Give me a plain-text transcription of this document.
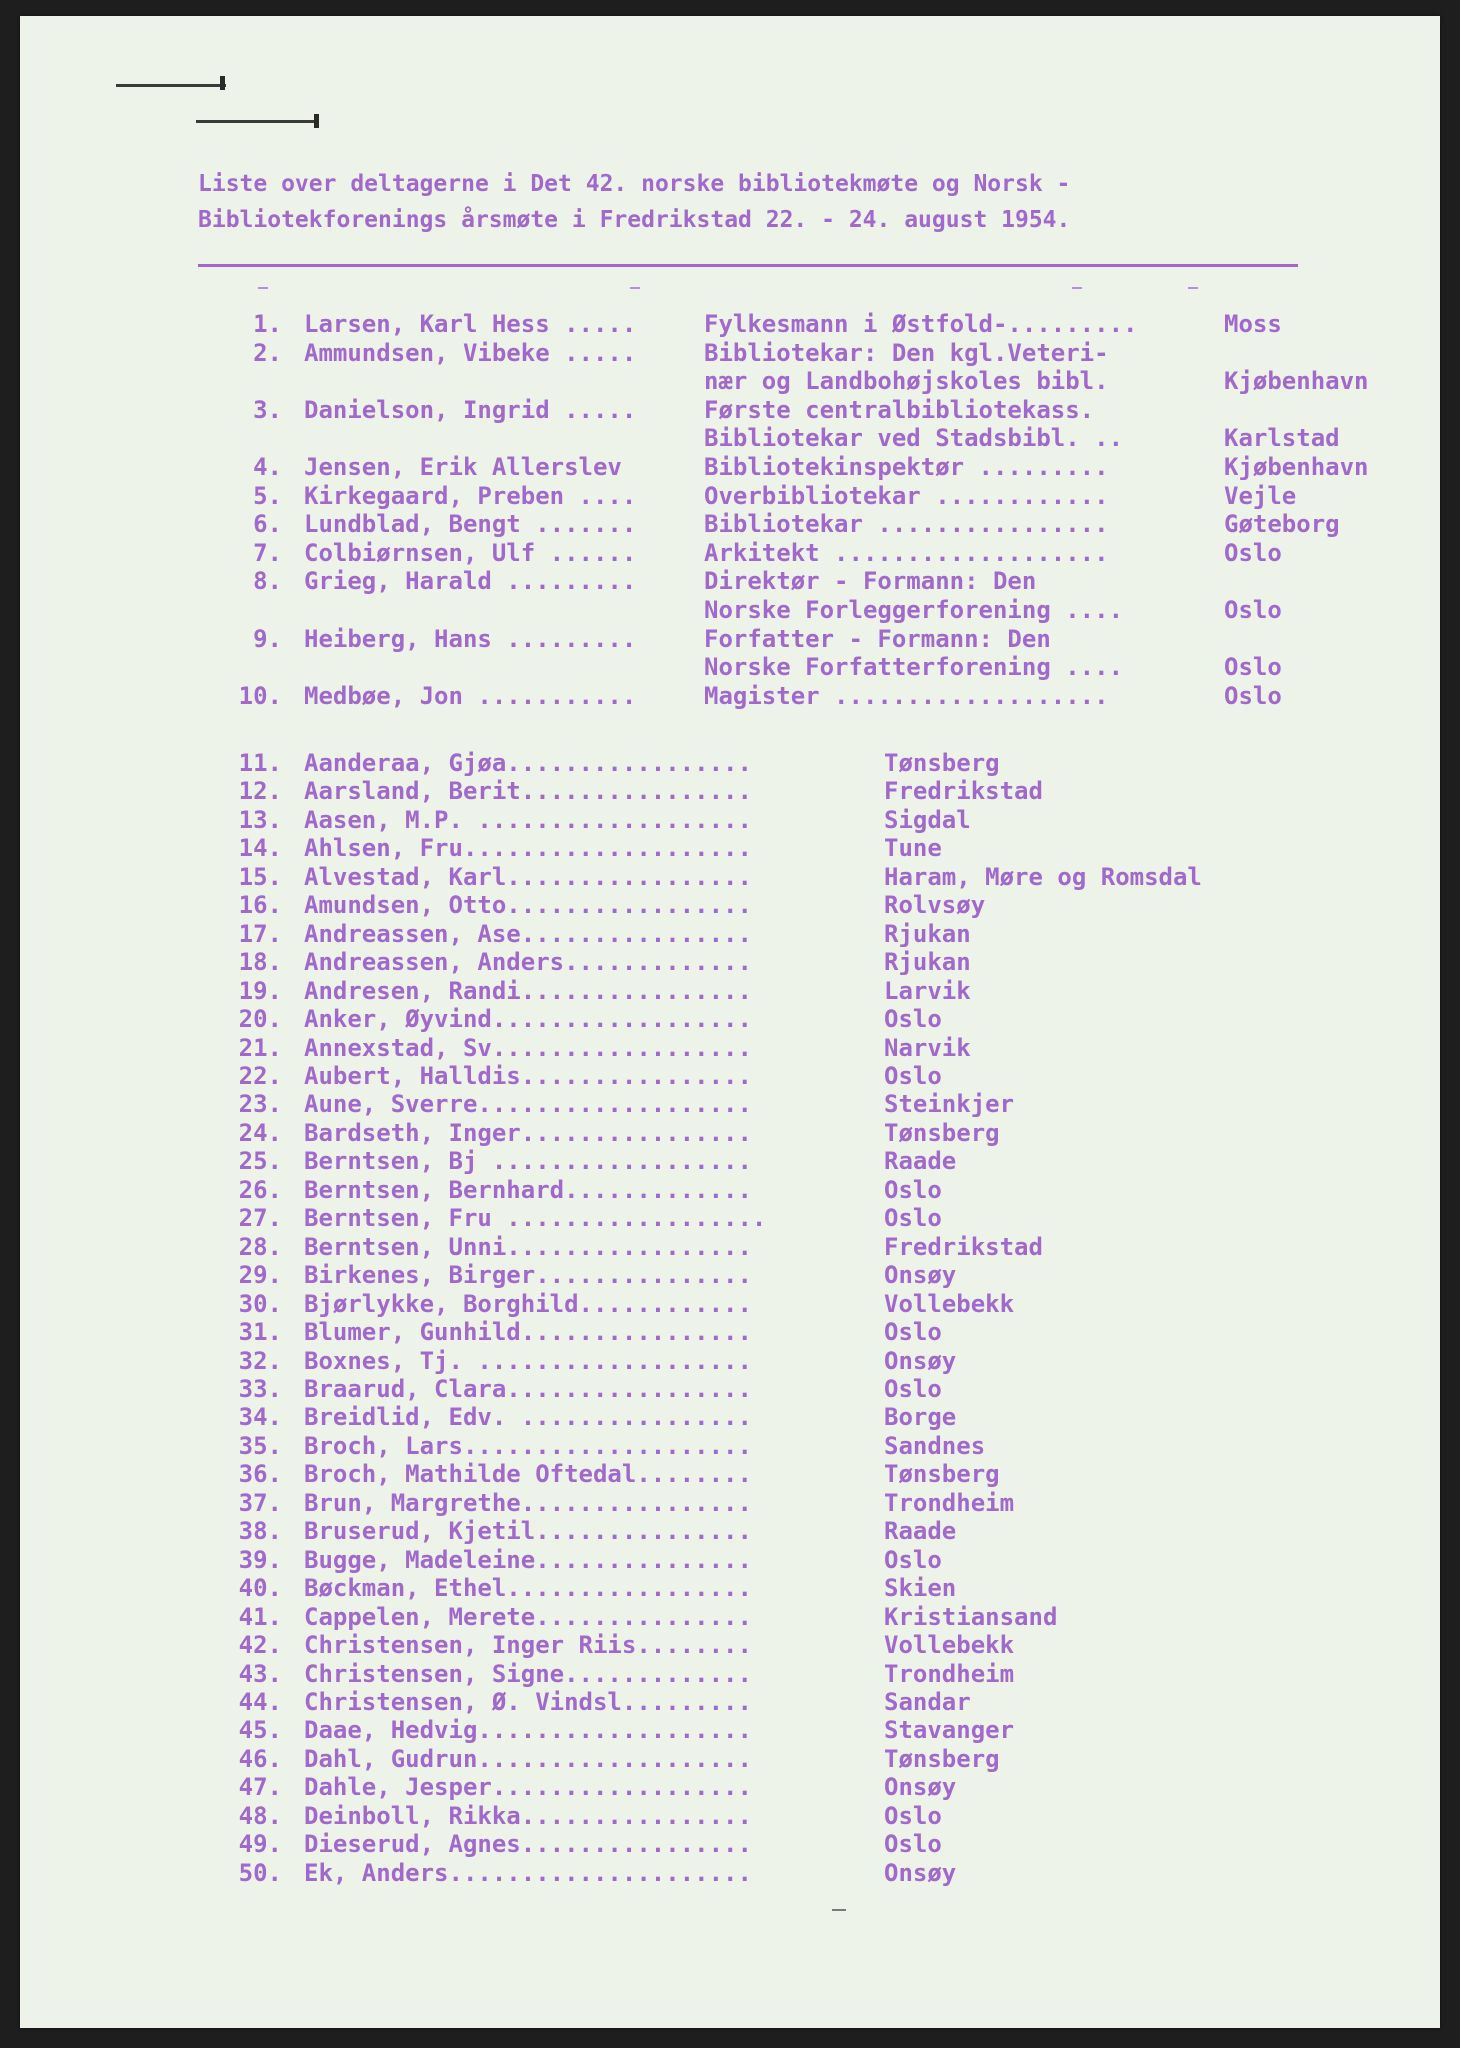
Liste over deltagerne i Det 42. norske bibliotekmøte og Norsk -
Bibliotekforenings årsmøte i Fredrikstad 22. - 24. august 1954.
1. Larsen, Karl Hess .....	Fylkesmann i Østfold-.........	Moss
2. Ammundsen, Vibeke .....	Bibliotekar: Den kgl.Veteri-
nær og Landbohøjskoles bibl.	Kjøbenhavn
3. Danielson, Ingrid .....	Første centralbibliotekass.
Bibliotekar ved Stadsbibl. ..	Karlstad
4. Jensen, Erik Allerslev	Bibliotekinspektør .........	Kjøbenhavn
5. Kirkegaard, Preben ....	Overbibliotekar ............	Vejle
6. Lundblad, Bengt .......	Bibliotekar ................	Gøteborg
7. Colbiørnsen, Ulf ......	Arkitekt ...................	Oslo
8. Grieg, Harald .........	Direktør - Formann: Den
Norske Forleggerforening ....	Oslo
9. Heiberg, Hans .........	Forfatter - Formann: Den
Norske Forfatterforening ....	Oslo
10. Medbøe, Jon ...........	Magister ...................	Oslo
11. Aanderaa, Gjøa.................	Tønsberg
12. Aarsland, Berit................	Fredrikstad
13. Aasen, M.P. ...................	Sigdal
14. Ahlsen, Fru....................	Tune
15. Alvestad, Karl.................	Haram, Møre og Romsdal
16. Amundsen, Otto.................	Rolvsøy
17. Andreassen, Ase................	Rjukan
18. Andreassen, Anders.............	Rjukan
19. Andresen, Randi................	Larvik
20. Anker, Øyvind..................	Oslo
21. Annexstad, Sv..................	Narvik
22. Aubert, Halldis................	Oslo
23. Aune, Sverre...................	Steinkjer
24. Bardseth, Inger................	Tønsberg
25. Berntsen, Bj ..................	Raade
26. Berntsen, Bernhard.............	Oslo
27. Berntsen, Fru ..................	Oslo
28. Berntsen, Unni.................	Fredrikstad
29. Birkenes, Birger...............	Onsøy
30. Bjørlykke, Borghild............	Vollebekk
31. Blumer, Gunhild................	Oslo
32. Boxnes, Tj. ...................	Onsøy
33. Braarud, Clara.................	Oslo
34. Breidlid, Edv. ................	Borge
35. Broch, Lars....................	Sandnes
36. Broch, Mathilde Oftedal........	Tønsberg
37. Brun, Margrethe................	Trondheim
38. Bruserud, Kjetil...............	Raade
39. Bugge, Madeleine...............	Oslo
40. Bøckman, Ethel.................	Skien
41. Cappelen, Merete...............	Kristiansand
42. Christensen, Inger Riis........	Vollebekk
43. Christensen, Signe.............	Trondheim
44. Christensen, Ø. Vindsl.........	Sandar
45. Daae, Hedvig...................	Stavanger
46. Dahl, Gudrun...................	Tønsberg
47. Dahle, Jesper..................	Onsøy
48. Deinboll, Rikka................	Oslo
49. Dieserud, Agnes................	Oslo
50. Ek, Anders.....................	Onsøy
